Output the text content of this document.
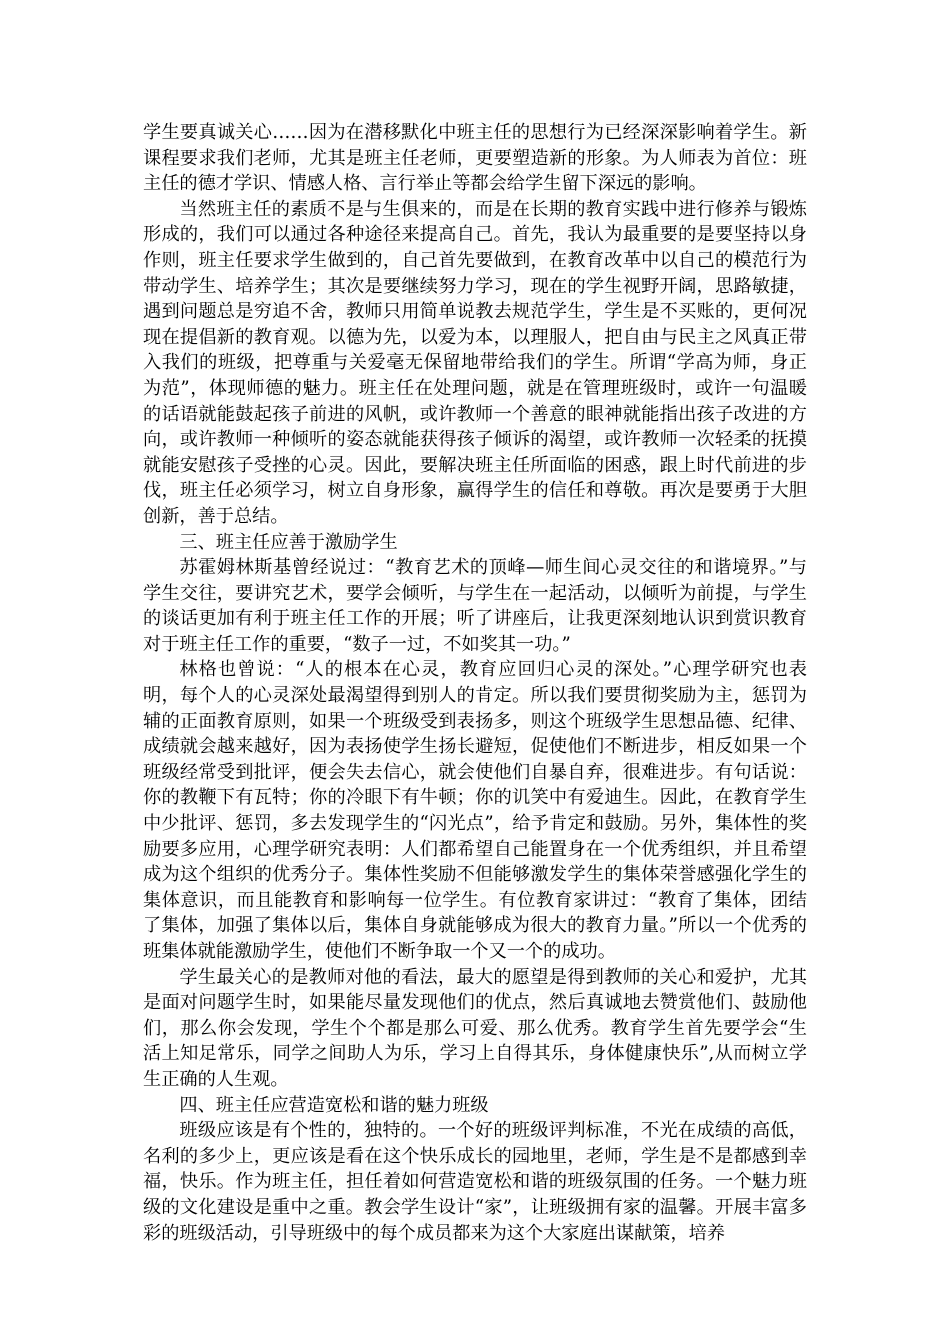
学生要真诚关心……因为在潜移默化中班主任的思想行为已经深深影响着学生。新课程要求我们老师，尤其是班主任老师，更要塑造新的形象。为人师表为首位：班主任的德才学识、情感人格、言行举止等都会给学生留下深远的影响。

当然班主任的素质不是与生俱来的，而是在长期的教育实践中进行修养与锻炼形成的，我们可以通过各种途径来提高自己。首先，我认为最重要的是要坚持以身作则，班主任要求学生做到的，自己首先要做到，在教育改革中以自己的模范行为带动学生、培养学生；其次是要继续努力学习，现在的学生视野开阔，思路敏捷，遇到问题总是穷追不舍，教师只用简单说教去规范学生，学生是不买账的，更何况现在提倡新的教育观。以德为先，以爱为本，以理服人，把自由与民主之风真正带入我们的班级，把尊重与关爱毫无保留地带给我们的学生。所谓“学高为师，身正为范”，体现师德的魅力。班主任在处理问题，就是在管理班级时，或许一句温暖的话语就能鼓起孩子前进的风帆，或许教师一个善意的眼神就能指出孩子改进的方向，或许教师一种倾听的姿态就能获得孩子倾诉的渴望，或许教师一次轻柔的抚摸就能安慰孩子受挫的心灵。因此，要解决班主任所面临的困惑，跟上时代前进的步伐，班主任必须学习，树立自身形象，赢得学生的信任和尊敬。再次是要勇于大胆创新，善于总结。

三、班主任应善于激励学生

苏霍姆林斯基曾经说过：“教育艺术的顶峰—师生间心灵交往的和谐境界。”与学生交往，要讲究艺术，要学会倾听，与学生在一起活动，以倾听为前提，与学生的谈话更加有利于班主任工作的开展；听了讲座后，让我更深刻地认识到赏识教育对于班主任工作的重要，“数子一过，不如奖其一功。”

林格也曾说：“人的根本在心灵，教育应回归心灵的深处。”心理学研究也表明，每个人的心灵深处最渴望得到别人的肯定。所以我们要贯彻奖励为主，惩罚为辅的正面教育原则，如果一个班级受到表扬多，则这个班级学生思想品德、纪律、成绩就会越来越好，因为表扬使学生扬长避短，促使他们不断进步，相反如果一个班级经常受到批评，便会失去信心，就会使他们自暴自弃，很难进步。有句话说：你的教鞭下有瓦特；你的冷眼下有牛顿；你的讥笑中有爱迪生。因此，在教育学生中少批评、惩罚，多去发现学生的“闪光点”，给予肯定和鼓励。另外，集体性的奖励要多应用，心理学研究表明：人们都希望自己能置身在一个优秀组织，并且希望成为这个组织的优秀分子。集体性奖励不但能够激发学生的集体荣誉感强化学生的集体意识，而且能教育和影响每一位学生。有位教育家讲过：“教育了集体，团结了集体，加强了集体以后，集体自身就能够成为很大的教育力量。”所以一个优秀的班集体就能激励学生，使他们不断争取一个又一个的成功。

学生最关心的是教师对他的看法，最大的愿望是得到教师的关心和爱护，尤其是面对问题学生时，如果能尽量发现他们的优点，然后真诚地去赞赏他们、鼓励他们，那么你会发现，学生个个都是那么可爱、那么优秀。教育学生首先要学会“生活上知足常乐，同学之间助人为乐，学习上自得其乐，身体健康快乐”,从而树立学生正确的人生观。

四、班主任应营造宽松和谐的魅力班级

班级应该是有个性的，独特的。一个好的班级评判标准，不光在成绩的高低，名利的多少上，更应该是看在这个快乐成长的园地里，老师，学生是不是都感到幸福，快乐。作为班主任，担任着如何营造宽松和谐的班级氛围的任务。一个魅力班级的文化建设是重中之重。教会学生设计“家”，让班级拥有家的温馨。开展丰富多彩的班级活动，引导班级中的每个成员都来为这个大家庭出谋献策，培养
